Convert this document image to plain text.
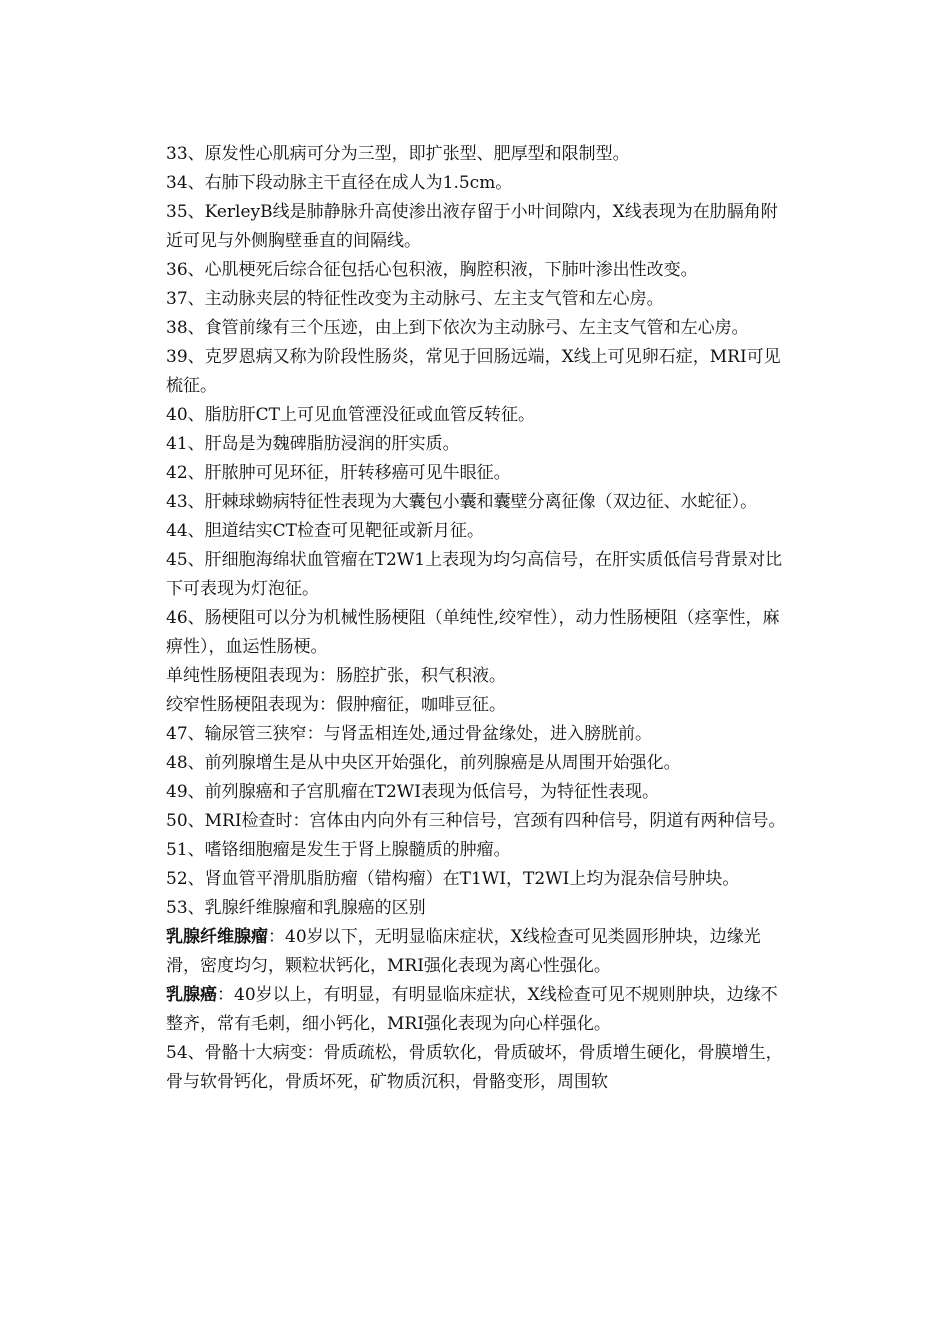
33、原发性心肌病可分为三型，即扩张型、肥厚型和限制型。

34、右肺下段动脉主干直径在成人为1.5cm。

35、KerleyB线是肺静脉升高使渗出液存留于小叶间隙内，X线表现为在肋膈角附近可见与外侧胸壁垂直的间隔线。

36、心肌梗死后综合征包括心包积液，胸腔积液，下肺叶渗出性改变。

37、主动脉夹层的特征性改变为主动脉弓、左主支气管和左心房。

38、食管前缘有三个压迹，由上到下依次为主动脉弓、左主支气管和左心房。

39、克罗恩病又称为阶段性肠炎，常见于回肠远端，X线上可见卵石症，MRI可见梳征。

40、脂肪肝CT上可见血管湮没征或血管反转征。

41、肝岛是为魏碑脂肪浸润的肝实质。

42、肝脓肿可见环征，肝转移癌可见牛眼征。

43、肝棘球蚴病特征性表现为大囊包小囊和囊壁分离征像（双边征、水蛇征）。

44、胆道结实CT检查可见靶征或新月征。

45、肝细胞海绵状血管瘤在T2W1上表现为均匀高信号，在肝实质低信号背景对比下可表现为灯泡征。

46、肠梗阻可以分为机械性肠梗阻（单纯性,绞窄性），动力性肠梗阻（痉挛性，麻痹性），血运性肠梗。

单纯性肠梗阻表现为：肠腔扩张，积气积液。

绞窄性肠梗阻表现为：假肿瘤征，咖啡豆征。

47、输尿管三狭窄：与肾盂相连处,通过骨盆缘处，进入膀胱前。

48、前列腺增生是从中央区开始强化，前列腺癌是从周围开始强化。

49、前列腺癌和子宫肌瘤在T2WI表现为低信号，为特征性表现。

50、MRI检查时：宫体由内向外有三种信号，宫颈有四种信号，阴道有两种信号。

51、嗜铬细胞瘤是发生于肾上腺髓质的肿瘤。

52、肾血管平滑肌脂肪瘤（错构瘤）在T1WI，T2WI上均为混杂信号肿块。

53、乳腺纤维腺瘤和乳腺癌的区别

乳腺纤维腺瘤：40岁以下，无明显临床症状，X线检查可见类圆形肿块，边缘光滑，密度均匀，颗粒状钙化，MRI强化表现为离心性强化。

乳腺癌：40岁以上，有明显，有明显临床症状，X线检查可见不规则肿块，边缘不整齐，常有毛刺，细小钙化，MRI强化表现为向心样强化。

54、骨骼十大病变：骨质疏松，骨质软化，骨质破坏，骨质增生硬化，骨膜增生，骨与软骨钙化，骨质坏死，矿物质沉积，骨骼变形，周围软
